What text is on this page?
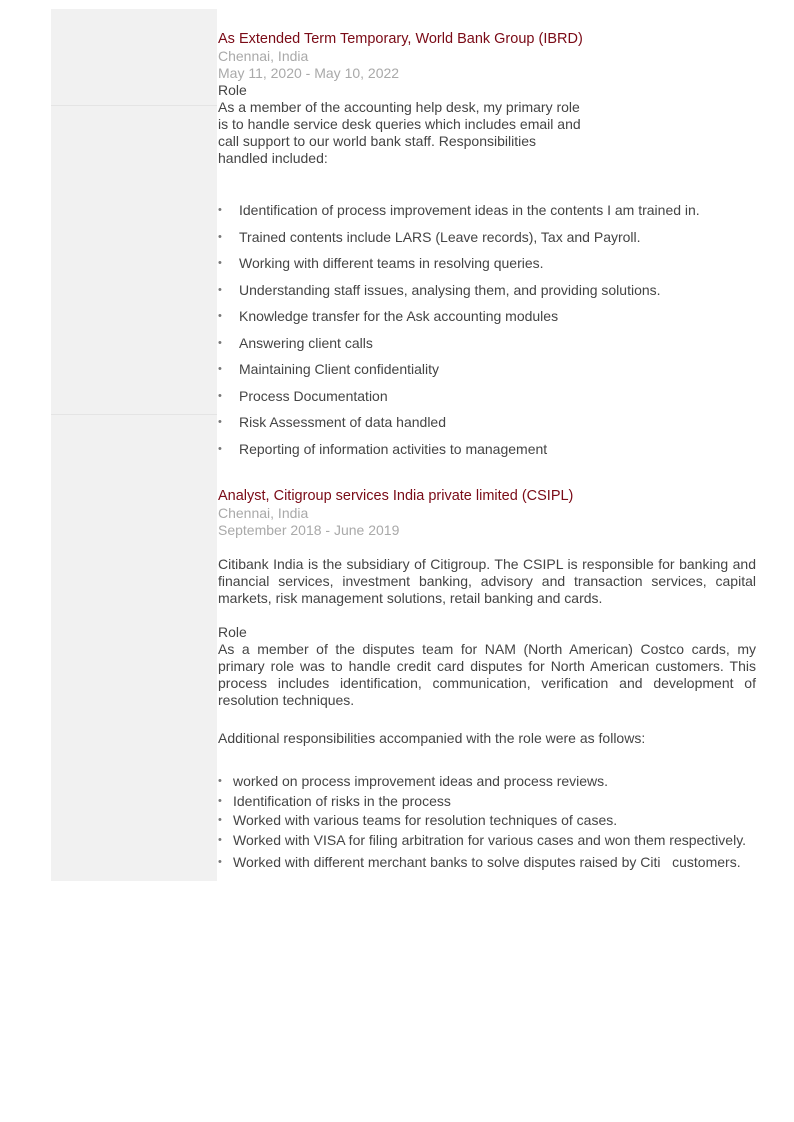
As Extended Term Temporary, World Bank Group (IBRD)

Chennai, India

May 11, 2020 - May 10, 2022

Role

As a member of the accounting help desk, my primary role

is to handle service desk queries which includes email and

call support to our world bank staff. Responsibilities

handled included:

• Identification of process improvement ideas in the contents I am trained in.
• Trained contents include LARS (Leave records), Tax and Payroll.
• Working with different teams in resolving queries.
• Understanding staff issues, analysing them, and providing solutions.
• Knowledge transfer for the Ask accounting modules
• Answering client calls
• Maintaining Client confidentiality
• Process Documentation
• Risk Assessment of data handled
• Reporting of information activities to management

Analyst, Citigroup services India private limited (CSIPL)

Chennai, India

September 2018 - June 2019

Citibank India is the subsidiary of Citigroup. The CSIPL is responsible for banking and financial services, investment banking, advisory and transaction services, capital markets, risk management solutions, retail banking and cards.

Role

As a member of the disputes team for NAM (North American) Costco cards, my primary role was to handle credit card disputes for North American customers. This process includes identification, communication, verification and development of resolution techniques.

Additional responsibilities accompanied with the role were as follows:

• worked on process improvement ideas and process reviews.
• Identification of risks in the process
• Worked with various teams for resolution techniques of cases.
• Worked with VISA for filing arbitration for various cases and won them respectively.
• Worked with different merchant banks to solve disputes raised by Citi   customers.
